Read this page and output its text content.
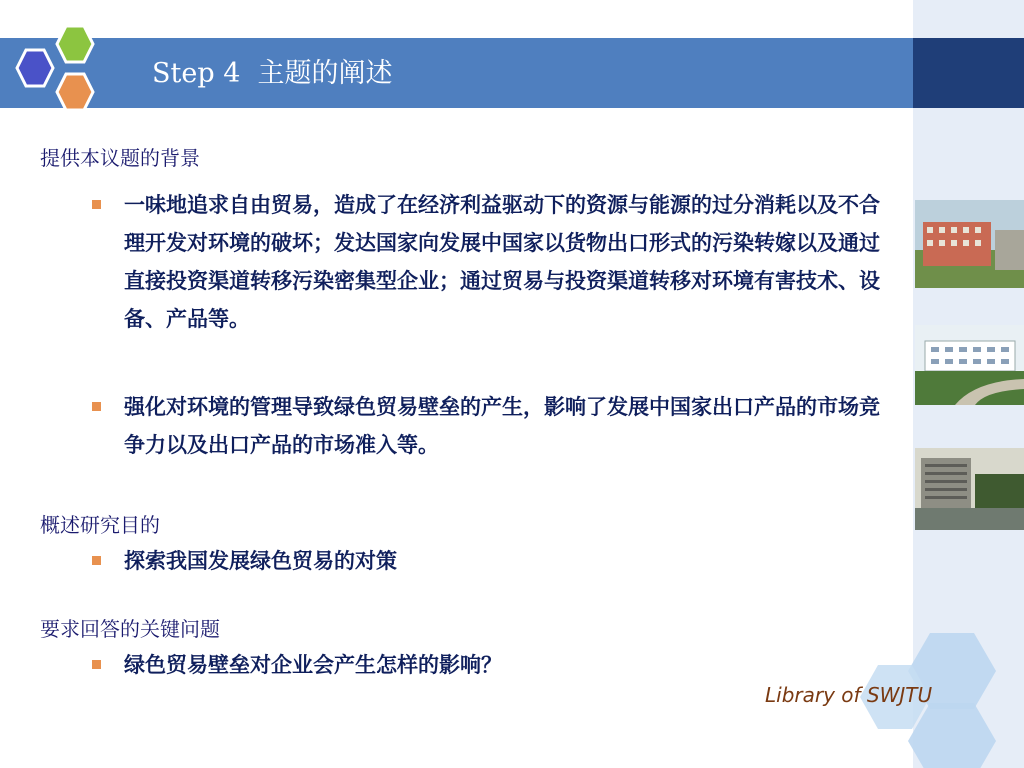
Step 4  主题的阐述
提供本议题的背景
一味地追求自由贸易，造成了在经济利益驱动下的资源与能源的过分消耗以及不合理开发对环境的破坏；发达国家向发展中国家以货物出口形式的污染转嫁以及通过直接投资渠道转移污染密集型企业；通过贸易与投资渠道转移对环境有害技术、设备、产品等。
强化对环境的管理导致绿色贸易壁垒的产生，影响了发展中国家出口产品的市场竞争力以及出口产品的市场准入等。
概述研究目的
探索我国发展绿色贸易的对策
要求回答的关键问题
绿色贸易壁垒对企业会产生怎样的影响？
Library of SWJTU
